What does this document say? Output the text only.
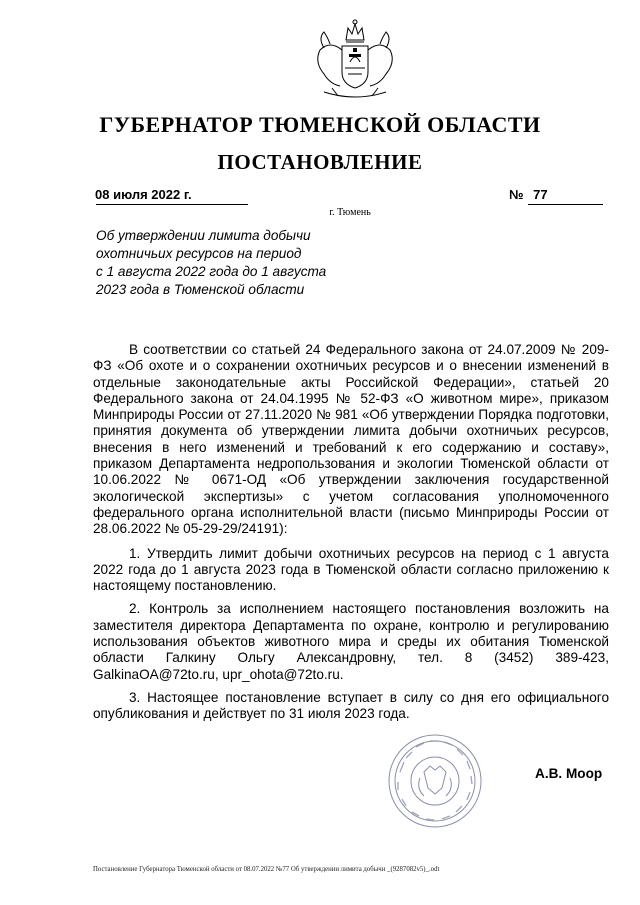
ГУБЕРНАТОР ТЮМЕНСКОЙ ОБЛАСТИ
ПОСТАНОВЛЕНИЕ
08 июля 2022 г.	№ 77
г. Тюмень
Об утверждении лимита добычи
охотничьих ресурсов на период
с 1 августа 2022 года до 1 августа
2023 года в Тюменской области

В соответствии со статьей 24 Федерального закона от 24.07.2009 № 209-ФЗ «Об охоте и о сохранении охотничьих ресурсов и о внесении изменений в отдельные законодательные акты Российской Федерации», статьей 20 Федерального закона от 24.04.1995 № 52-ФЗ «О животном мире», приказом Минприроды России от 27.11.2020 № 981 «Об утверждении Порядка подготовки, принятия документа об утверждении лимита добычи охотничьих ресурсов, внесения в него изменений и требований к его содержанию и составу», приказом Департамента недропользования и экологии Тюменской области от 10.06.2022 № 0671-ОД «Об утверждении заключения государственной экологической экспертизы» с учетом согласования уполномоченного федерального органа исполнительной власти (письмо Минприроды России от 28.06.2022 № 05-29-29/24191):

1. Утвердить лимит добычи охотничьих ресурсов на период с 1 августа 2022 года до 1 августа 2023 года в Тюменской области согласно приложению к настоящему постановлению.

2. Контроль за исполнением настоящего постановления возложить на заместителя директора Департамента по охране, контролю и регулированию использования объектов животного мира и среды их обитания Тюменской области Галкину Ольгу Александровну, тел. 8 (3452) 389-423, GalkinaOA@72to.ru, upr_ohota@72to.ru.

3. Настоящее постановление вступает в силу со дня его официального опубликования и действует по 31 июля 2023 года.

А.В. Моор
Постановление Губернатора Тюменской области от 08.07.2022 №77 Об утверждении лимита добычи _(9287082v5)_.odt
